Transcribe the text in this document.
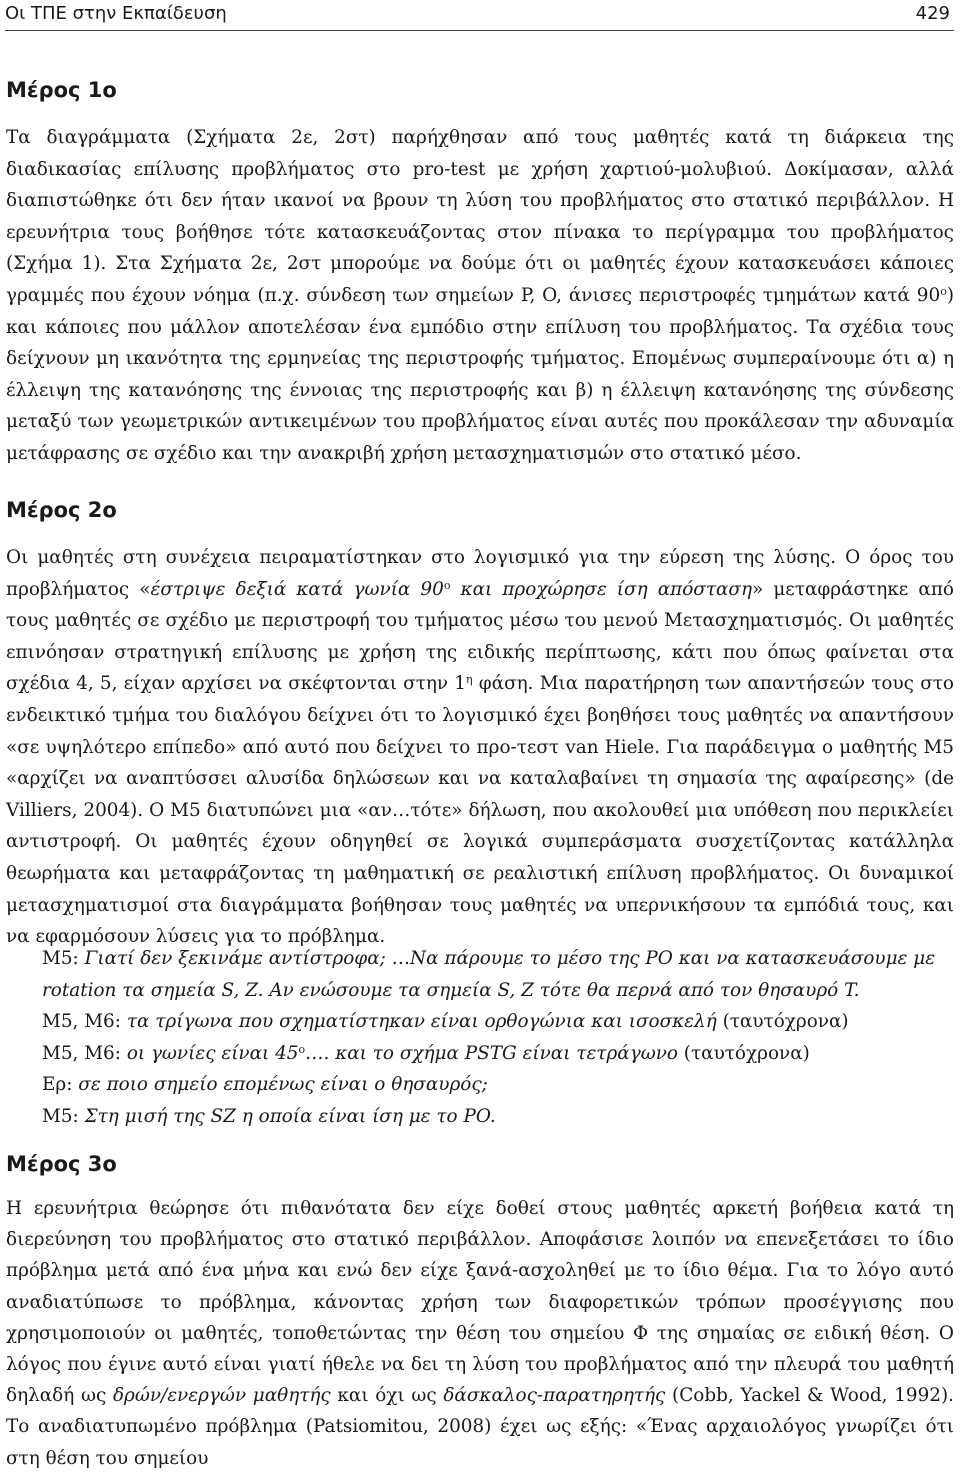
Οι ΤΠΕ στην Εκπαίδευση	429
Μέρος 1ο

Τα διαγράμματα (Σχήματα 2ε, 2στ) παρήχθησαν από τους μαθητές κατά τη διάρκεια της διαδικασίας επίλυσης προβλήματος στο pro-test με χρήση χαρτιού-μολυβιού. Δοκίμασαν, αλλά διαπιστώθηκε ότι δεν ήταν ικανοί να βρουν τη λύση του προβλήματος στο στατικό περιβάλλον. Η ερευνήτρια τους βοήθησε τότε κατασκευάζοντας στον πίνακα το περίγραμμα του προβλήματος (Σχήμα 1). Στα Σχήματα 2ε, 2στ μπορούμε να δούμε ότι οι μαθητές έχουν κατασκευάσει κάποιες γραμμές που έχουν νόημα (π.χ. σύνδεση των σημείων P, O, άνισες περιστροφές τμημάτων κατά $90^o$) και κάποιες που μάλλον αποτελέσαν ένα εμπόδιο στην επίλυση του προβλήματος. Τα σχέδια τους δείχνουν μη ικανότητα της ερμηνείας της περιστροφής τμήματος. Επομένως συμπεραίνουμε ότι α) η έλλειψη της κατανόησης της έννοιας της περιστροφής και β) η έλλειψη κατανόησης της σύνδεσης μεταξύ των γεωμετρικών αντικειμένων του προβλήματος είναι αυτές που προκάλεσαν την αδυναμία μετάφρασης σε σχέδιο και την ανακριβή χρήση μετασχηματισμών στο στατικό μέσο.

Μέρος 2ο

Οι μαθητές στη συνέχεια πειραματίστηκαν στο λογισμικό για την εύρεση της λύσης. Ο όρος του προβλήματος «έστριψε δεξιά κατά γωνία $90^o$ και προχώρησε ίση απόσταση» μεταφράστηκε από τους μαθητές σε σχέδιο με περιστροφή του τμήματος μέσω του μενού Μετασχηματισμός. Οι μαθητές επινόησαν στρατηγική επίλυσης με χρήση της ειδικής περίπτωσης, κάτι που όπως φαίνεται στα σχέδια 4, 5, είχαν αρχίσει να σκέφτονται στην $1^\eta$ φάση. Μια παρατήρηση των απαντήσεών τους στο ενδεικτικό τμήμα του διαλόγου δείχνει ότι το λογισμικό έχει βοηθήσει τους μαθητές να απαντήσουν «σε υψηλότερο επίπεδο» από αυτό που δείχνει το προ-τεστ van Hiele. Για παράδειγμα ο μαθητής Μ5 «αρχίζει να αναπτύσσει αλυσίδα δηλώσεων και να καταλαβαίνει τη σημασία της αφαίρεσης» (de Villiers, 2004). Ο Μ5 διατυπώνει μια «αν…τότε» δήλωση, που ακολουθεί μια υπόθεση που περικλείει αντιστροφή. Οι μαθητές έχουν οδηγηθεί σε λογικά συμπεράσματα συσχετίζοντας κατάλληλα θεωρήματα και μεταφράζοντας τη μαθηματική σε ρεαλιστική επίλυση προβλήματος. Οι δυναμικοί μετασχηματισμοί στα διαγράμματα βοήθησαν τους μαθητές να υπερνικήσουν τα εμπόδιά τους, και να εφαρμόσουν λύσεις για το πρόβλημα.

Μ5: Γιατί δεν ξεκινάμε αντίστροφα; …Να πάρουμε το μέσο της PO και να κατασκευάσουμε με rotation τα σημεία S, Z. Αν ενώσουμε τα σημεία S, Z τότε θα περνά από τον θησαυρό T.
Μ5, Μ6: τα τρίγωνα που σχηματίστηκαν είναι ορθογώνια και ισοσκελή (ταυτόχρονα)
Μ5, Μ6: οι γωνίες είναι $45^o\dots$. και το σχήμα PSTG είναι τετράγωνο (ταυτόχρονα)
Ερ: σε ποιο σημείο επομένως είναι ο θησαυρός;
Μ5: Στη μισή της SZ η οποία είναι ίση με το PO.
Μέρος 3ο

Η ερευνήτρια θεώρησε ότι πιθανότατα δεν είχε δοθεί στους μαθητές αρκετή βοήθεια κατά τη διερεύνηση του προβλήματος στο στατικό περιβάλλον. Αποφάσισε λοιπόν να επενεξετάσει το ίδιο πρόβλημα μετά από ένα μήνα και ενώ δεν είχε ξανά-ασχοληθεί με το ίδιο θέμα. Για το λόγο αυτό αναδιατύπωσε το πρόβλημα, κάνοντας χρήση των διαφορετικών τρόπων προσέγγισης που χρησιμοποιούν οι μαθητές, τοποθετώντας την θέση του σημείου Φ της σημαίας σε ειδική θέση. Ο λόγος που έγινε αυτό είναι γιατί ήθελε να δει τη λύση του προβλήματος από την πλευρά του μαθητή δηλαδή ως δρών/ενεργών μαθητής και όχι ως δάσκαλος-παρατηρητής (Cobb, Yackel & Wood, 1992). Το αναδιατυπωμένο πρόβλημα (Patsiomitou, 2008) έχει ως εξής: «Ένας αρχαιολόγος γνωρίζει ότι στη θέση του σημείου
